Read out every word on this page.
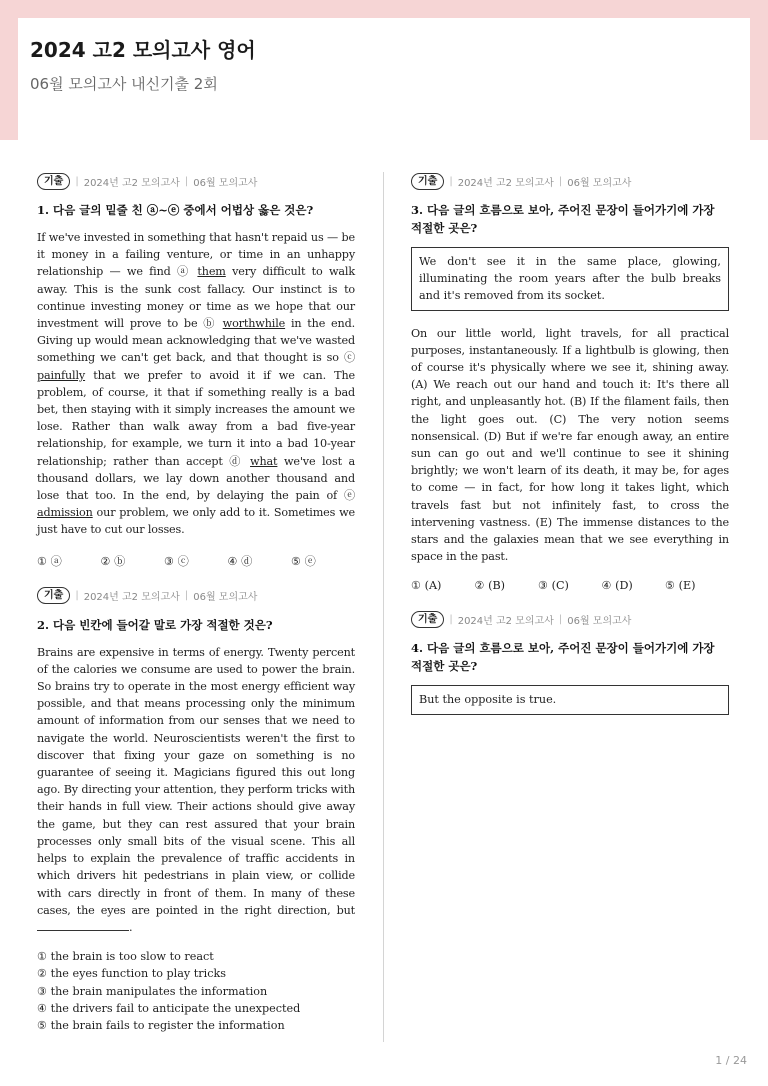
2024 고2 모의고사 영어

06월 모의고사 내신기출 2회

기출	| 2024년 고2 모의고사 | 06월 모의고사
1. 다음 글의 밑줄 친 ⓐ~ⓔ 중에서 어법상 옳은 것은?

If we've invested in something that hasn't repaid us — be it money in a failing venture, or time in an unhappy relationship — we find ⓐ them very difficult to walk away. This is the sunk cost fallacy. Our instinct is to continue investing money or time as we hope that our investment will prove to be ⓑ worthwhile in the end. Giving up would mean acknowledging that we've wasted something we can't get back, and that thought is so ⓒ painfully that we prefer to avoid it if we can. The problem, of course, it that if something really is a bad bet, then staying with it simply increases the amount we lose. Rather than walk away from a bad five-year relationship, for example, we turn it into a bad 10-year relationship; rather than accept ⓓ what we've lost a thousand dollars, we lay down another thousand and lose that too. In the end, by delaying the pain of ⓔ admission our problem, we only add to it. Sometimes we just have to cut our losses.

① ⓐ	② ⓑ	③ ⓒ	④ ⓓ	⑤ ⓔ
기출	| 2024년 고2 모의고사 | 06월 모의고사
2. 다음 빈칸에 들어갈 말로 가장 적절한 것은?

Brains are expensive in terms of energy. Twenty percent of the calories we consume are used to power the brain. So brains try to operate in the most energy efficient way possible, and that means processing only the minimum amount of information from our senses that we need to navigate the world. Neuroscientists weren't the first to discover that fixing your gaze on something is no guarantee of seeing it. Magicians figured this out long ago. By directing your attention, they perform tricks with their hands in full view. Their actions should give away the game, but they can rest assured that your brain processes only small bits of the visual scene. This all helps to explain the prevalence of traffic accidents in which drivers hit pedestrians in plain view, or collide with cars directly in front of them. In many of these cases, the eyes are pointed in the right direction, but .

① the brain is too slow to react
② the eyes function to play tricks
③ the brain manipulates the information
④ the drivers fail to anticipate the unexpected
⑤ the brain fails to register the information
기출	| 2024년 고2 모의고사 | 06월 모의고사
3. 다음 글의 흐름으로 보아, 주어진 문장이 들어가기에 가장 적절한 곳은?
We don't see it in the same place, glowing, illuminating the room years after the bulb breaks and it's removed from its socket.

On our little world, light travels, for all practical purposes, instantaneously. If a lightbulb is glowing, then of course it's physically where we see it, shining away. (A) We reach out our hand and touch it: It's there all right, and unpleasantly hot. (B) If the filament fails, then the light goes out. (C) The very notion seems nonsensical. (D) But if we're far enough away, an entire sun can go out and we'll continue to see it shining brightly; we won't learn of its death, it may be, for ages to come — in fact, for how long it takes light, which travels fast but not infinitely fast, to cross the intervening vastness. (E) The immense distances to the stars and the galaxies mean that we see everything in space in the past.

① (A)	② (B)	③ (C)	④ (D)	⑤ (E)
기출	| 2024년 고2 모의고사 | 06월 모의고사
4. 다음 글의 흐름으로 보아, 주어진 문장이 들어가기에 가장 적절한 곳은?
But the opposite is true.
1 / 24
